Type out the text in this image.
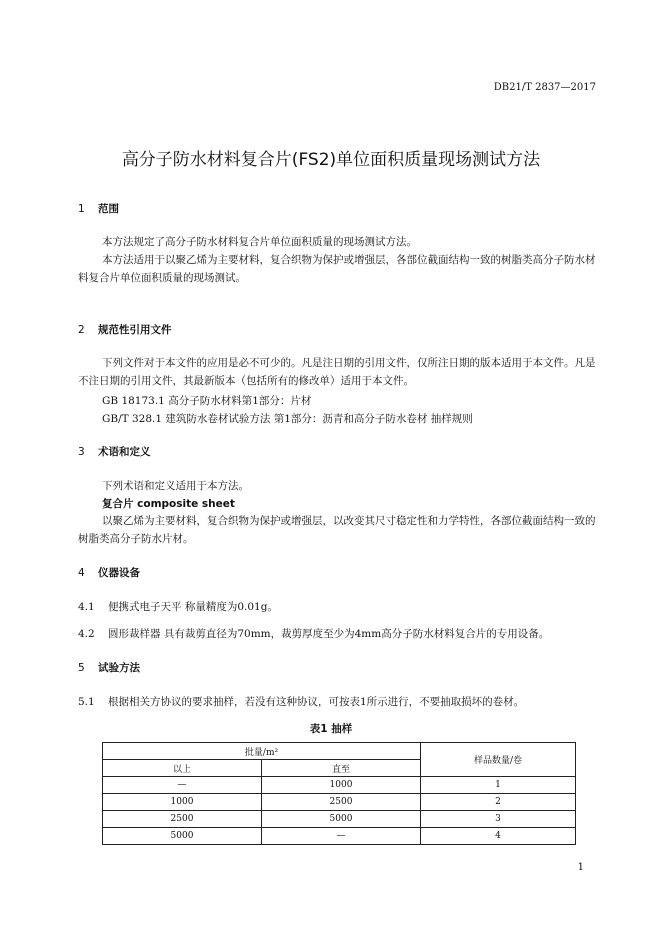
DB21/T 2837—2017
高分子防水材料复合片(FS2)单位面积质量现场测试方法
1 范围
本方法规定了高分子防水材料复合片单位面积质量的现场测试方法。
本方法适用于以聚乙烯为主要材料，复合织物为保护或增强层，各部位截面结构一致的树脂类高分子防水材料复合片单位面积质量的现场测试。
2 规范性引用文件
下列文件对于本文件的应用是必不可少的。凡是注日期的引用文件，仅所注日期的版本适用于本文件。凡是不注日期的引用文件，其最新版本（包括所有的修改单）适用于本文件。
GB 18173.1 高分子防水材料第1部分：片材
GB/T 328.1 建筑防水卷材试验方法 第1部分：沥青和高分子防水卷材 抽样规则
3 术语和定义
下列术语和定义适用于本方法。
复合片 composite sheet
以聚乙烯为主要材料，复合织物为保护或增强层，以改变其尺寸稳定性和力学特性，各部位截面结构一致的树脂类高分子防水片材。
4 仪器设备
4.1 便携式电子天平 称量精度为0.01g。
4.2 圆形裁样器 具有裁剪直径为70mm，裁剪厚度至少为4mm高分子防水材料复合片的专用设备。
5 试验方法
5.1 根据相关方协议的要求抽样，若没有这种协议，可按表1所示进行，不要抽取损坏的卷材。
表1 抽样
批量/m²		样品数量/卷
以上	直至	
—	1000	1
1000	2500	2
2500	5000	3
5000	—	4
1
